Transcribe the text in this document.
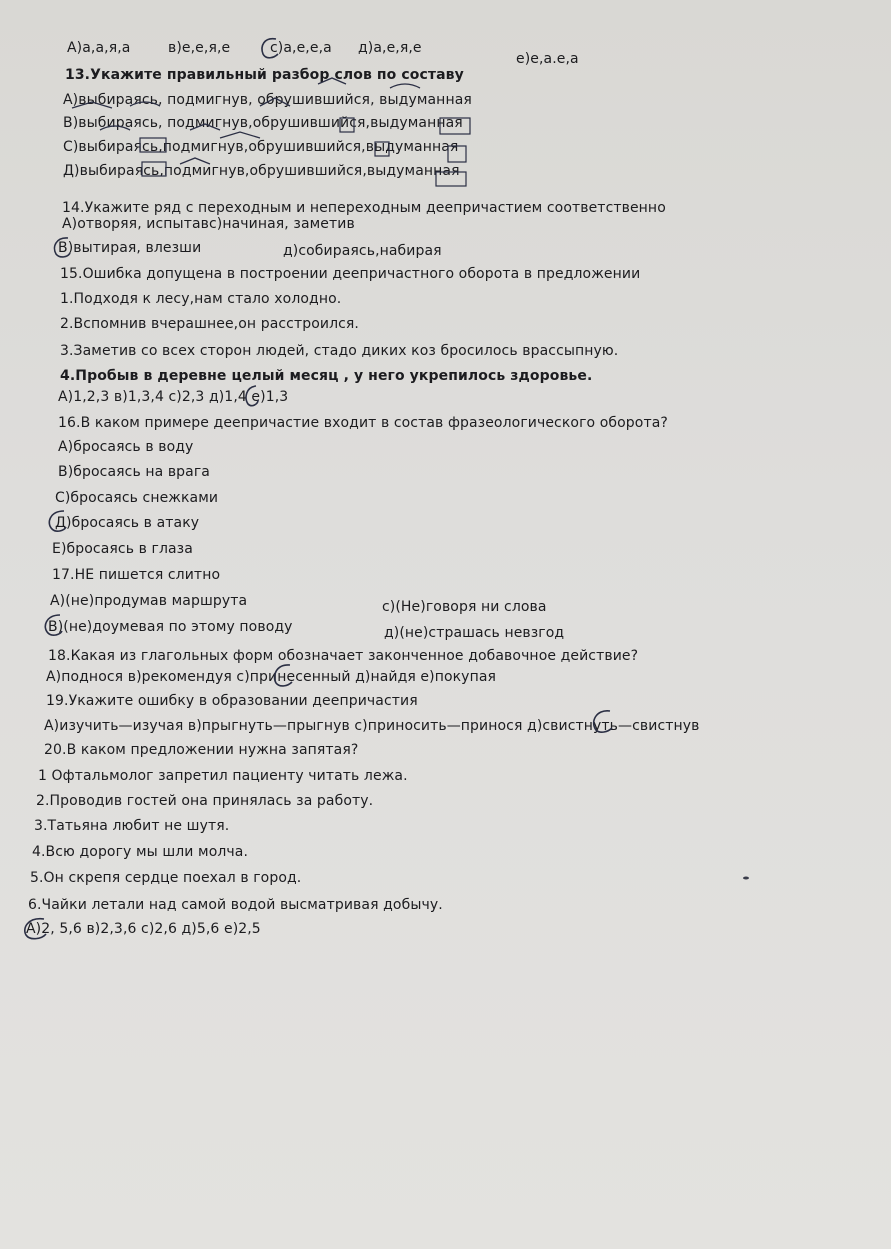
А)а,а,я,а	в)е,е,я,е	с)а,е,е,а д)а,е,я,е
е)е,а.е,а
13.Укажите правильный разбор слов по составу
А)выбираясь, подмигнув, обрушившийся, выдуманная
В)выбираясь, подмигнув,обрушившийся,выдуманная
С)выбираясь,подмигнув,обрушившийся,выдуманная
Д)выбираясь,подмигнув,обрушившийся,выдуманная
14.Укажите ряд с переходным и непереходным деепричастием соответственно
А)отворяя, испытавс)начиная, заметив
В)вытирая, влезши	д)собираясь,набирая
15.Ошибка допущена в построении деепричастного оборота в предложении
1.Подходя к лесу,нам стало холодно.
2.Вспомнив вчерашнее,он расстроился.
3.Заметив со всех сторон людей, стадо диких коз бросилось врассыпную.
4.Пробыв в деревне целый месяц , у него укрепилось здоровье.
А)1,2,3 в)1,3,4 с)2,3 д)1,4 е)1,3
16.В каком примере деепричастие входит в состав фразеологического оборота?
А)бросаясь в воду
В)бросаясь на врага
С)бросаясь снежками
Д)бросаясь в атаку
Е)бросаясь в глаза
17.НЕ пишется слитно
А)(не)продумав маршрута	с)(Не)говоря ни слова
В)(не)доумевая по этому поводу	д)(не)страшась невзгод
18.Какая из глагольных форм обозначает законченное добавочное действие?
А)поднося в)рекомендуя с)принесенный д)найдя е)покупая
19.Укажите ошибку в образовании деепричастия
А)изучить—изучая в)прыгнуть—прыгнув с)приносить—принося д)свистнуть—свистнув
20.В каком предложении нужна запятая?
1 Офтальмолог запретил пациенту читать лежа.
2.Проводив гостей она принялась за работу.
3.Татьяна любит не шутя.
4.Всю дорогу мы шли молча.
5.Он скрепя сердце поехал в город.
6.Чайки летали над самой водой высматривая добычу.
А)2, 5,6 в)2,3,6 с)2,6 д)5,6 е)2,5
